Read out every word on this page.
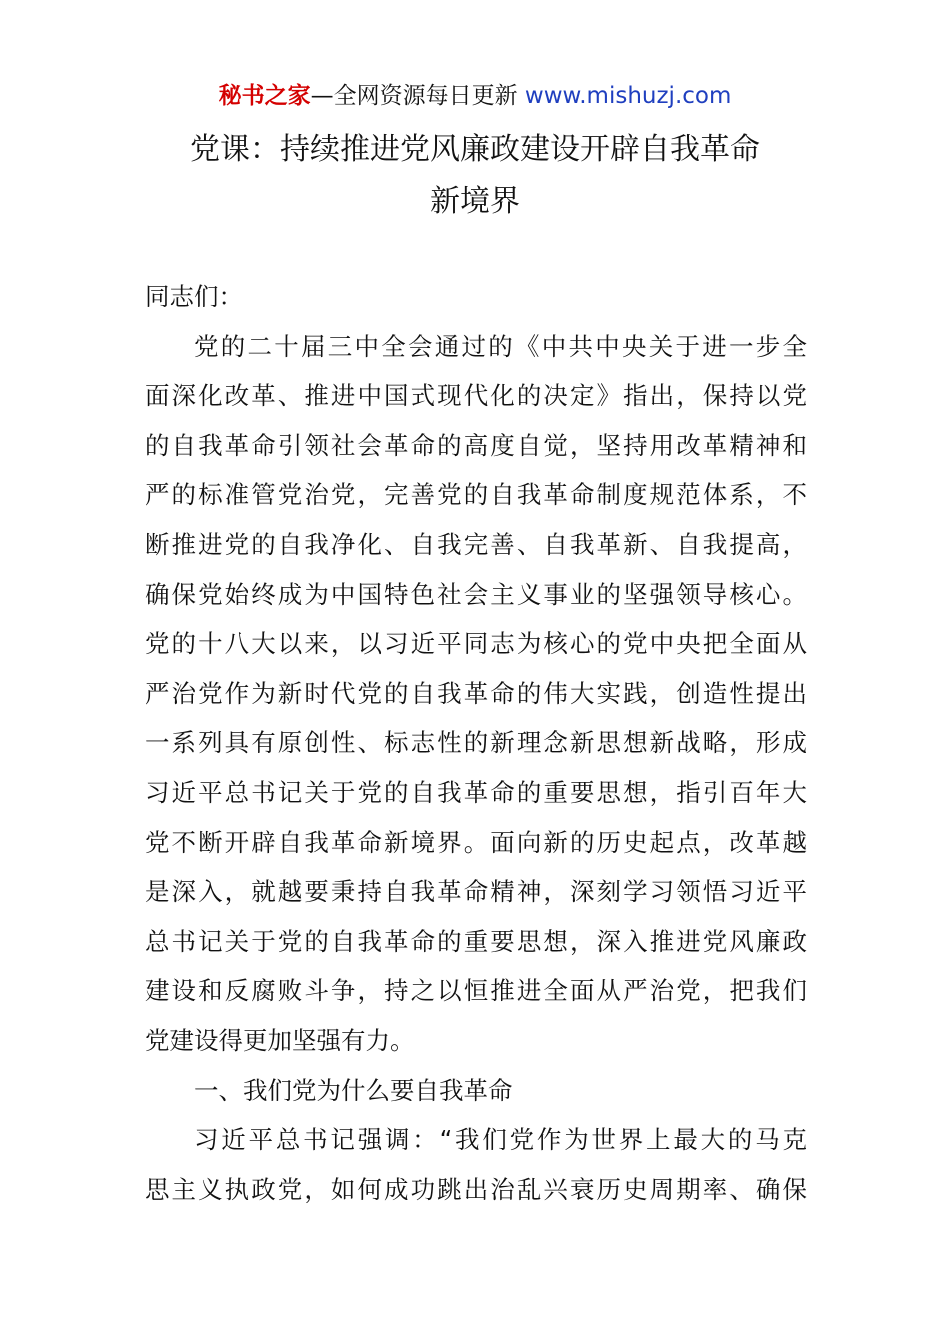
秘书之家—全网资源每日更新 www.mishuzj.com
党课：持续推进党风廉政建设开辟自我革命
新境界
同志们：
党的二十届三中全会通过的《中共中央关于进一步全
面深化改革、推进中国式现代化的决定》指出，保持以党
的自我革命引领社会革命的高度自觉，坚持用改革精神和
严的标准管党治党，完善党的自我革命制度规范体系，不
断推进党的自我净化、自我完善、自我革新、自我提高，
确保党始终成为中国特色社会主义事业的坚强领导核心。
党的十八大以来，以习近平同志为核心的党中央把全面从
严治党作为新时代党的自我革命的伟大实践，创造性提出
一系列具有原创性、标志性的新理念新思想新战略，形成
习近平总书记关于党的自我革命的重要思想，指引百年大
党不断开辟自我革命新境界。面向新的历史起点，改革越
是深入，就越要秉持自我革命精神，深刻学习领悟习近平
总书记关于党的自我革命的重要思想，深入推进党风廉政
建设和反腐败斗争，持之以恒推进全面从严治党，把我们
党建设得更加坚强有力。
一、我们党为什么要自我革命
习近平总书记强调：“我们党作为世界上最大的马克
思主义执政党，如何成功跳出治乱兴衰历史周期率、确保
